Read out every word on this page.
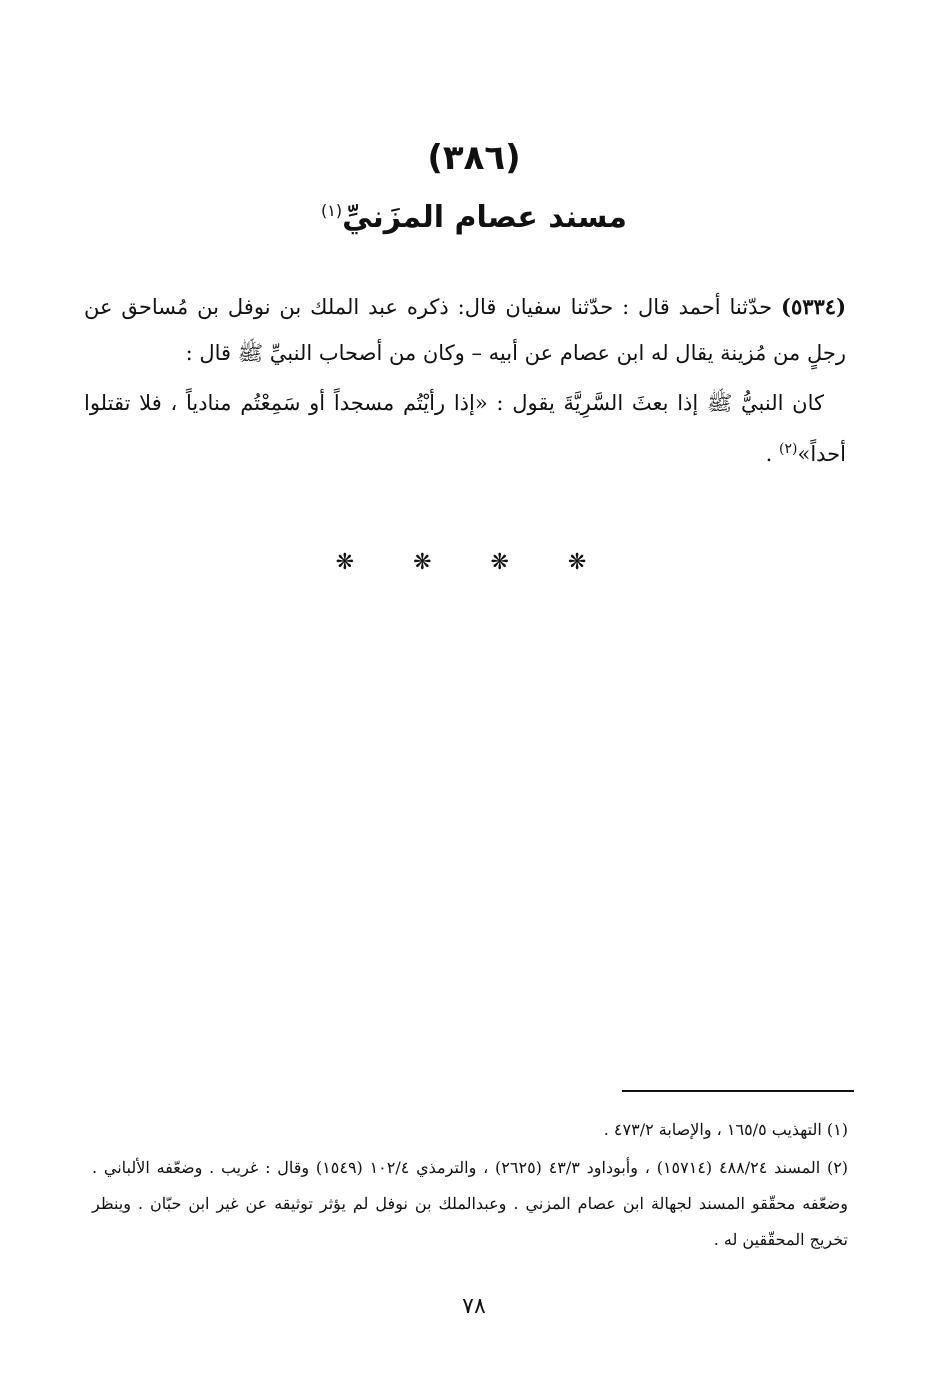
(٣٨٦)
مسند عصام المزَنيِّ$^{(١)}$

(٥٣٣٤) حدّثنا أحمد قال : حدّثنا سفيان قال: ذكره عبد الملك بن نوفل بن مُساحق عن رجلٍ من مُزينة يقال له ابن عصام عن أبيه – وكان من أصحاب النبيِّ ﷺ قال :

كان النبيُّ ﷺ إذا بعثَ السَّرِيَّةَ يقول : «إذا رأيْتُم مسجداً أو سَمِعْتُم منادياً ، فلا تقتلوا أحداً»$^{(٢)}$ .

❋ ❋ ❋ ❋

(١) التهذيب ١٦٥/٥ ، والإصابة ٤٧٣/٢ .

(٢) المسند ٤٨٨/٢٤ (١٥٧١٤) ، وأبوداود ٤٣/٣ (٢٦٢٥) ، والترمذي ١٠٢/٤ (١٥٤٩) وقال : غريب . وضعّفه الألباني . وضعّفه محقّقو المسند لجهالة ابن عصام المزني . وعبدالملك بن نوفل لم يؤثر توثيقه عن غير ابن حبّان . وينظر تخريج المحقّقين له .

٧٨
